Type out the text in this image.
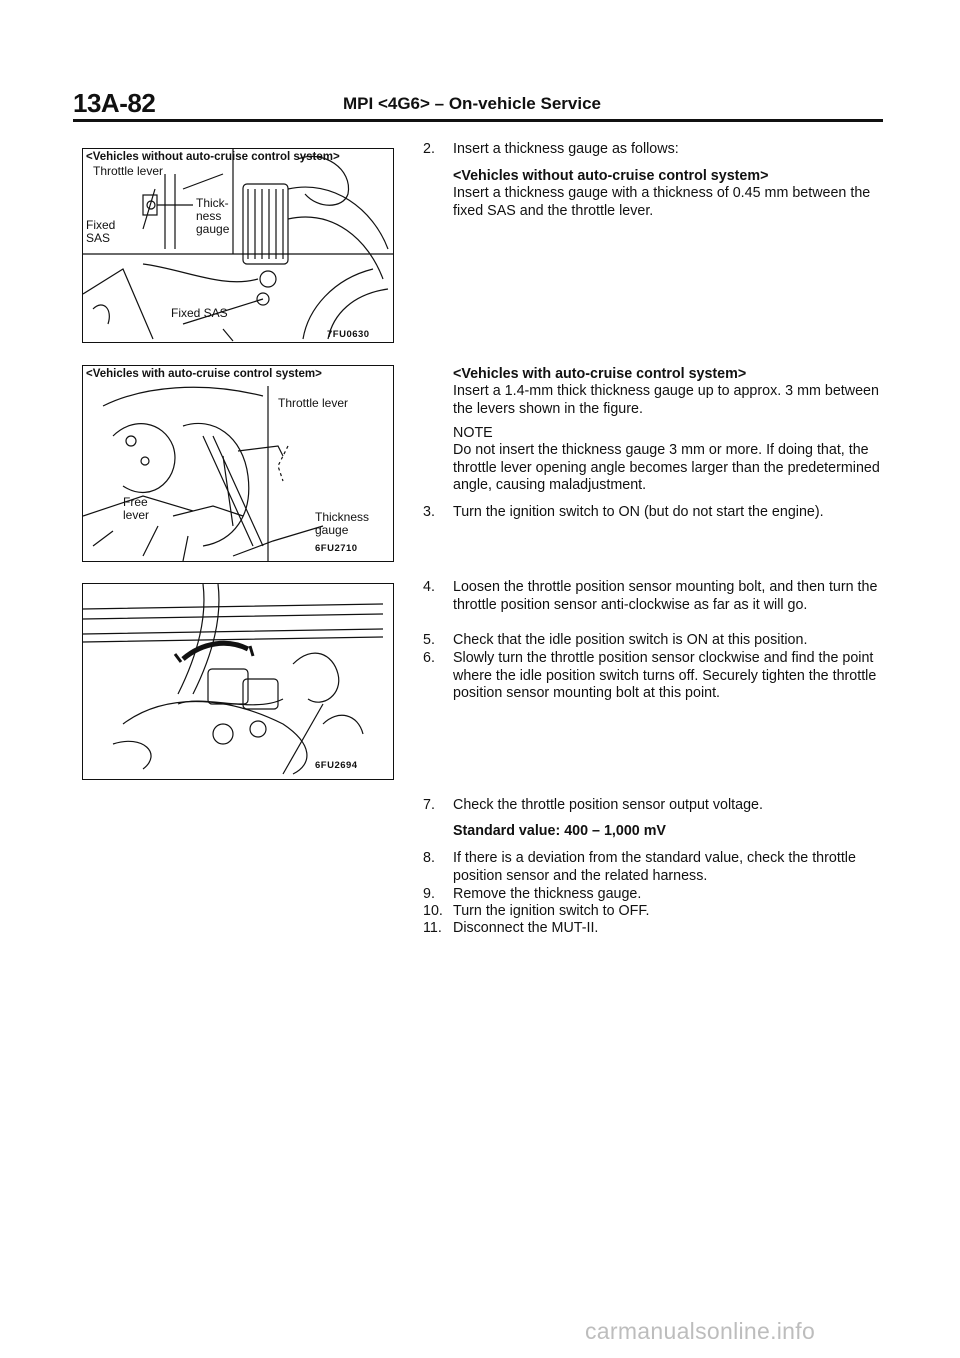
13A-82	MPI <4G6> – On-vehicle Service
<Vehicles without auto-cruise control system>
Throttle lever
Thick-
ness
gauge
Fixed
SAS
Fixed SAS
7FU0630
<Vehicles with auto-cruise control system>
Throttle lever
Free
lever	Thickness
gauge
6FU2710
6FU2694
2.	Insert a thickness gauge as follows:
<Vehicles without auto-cruise control system>
Insert a thickness gauge with a thickness of 0.45 mm between the fixed SAS and the throttle lever.
<Vehicles with auto-cruise control system>
Insert a 1.4-mm thick thickness gauge up to approx. 3 mm between the levers shown in the figure.
NOTE
Do not insert the thickness gauge 3 mm or more. If doing that, the throttle lever opening angle becomes larger than the predetermined angle, causing maladjustment.
3.	Turn the ignition switch to ON (but do not start the engine).
4.	Loosen the throttle position sensor mounting bolt, and then turn the throttle position sensor anti-clockwise as far as it will go.
5.	Check that the idle position switch is ON at this position.
6.	Slowly turn the throttle position sensor clockwise and find the point where the idle position switch turns off. Securely tighten the throttle position sensor mounting bolt at this point.
7.	Check the throttle position sensor output voltage.
Standard value: 400 – 1,000 mV
8.	If there is a deviation from the standard value, check the throttle position sensor and the related harness.
9.	Remove the thickness gauge.
10. Turn the ignition switch to OFF.
11. Disconnect the MUT-II.
carmanualsonline.info
